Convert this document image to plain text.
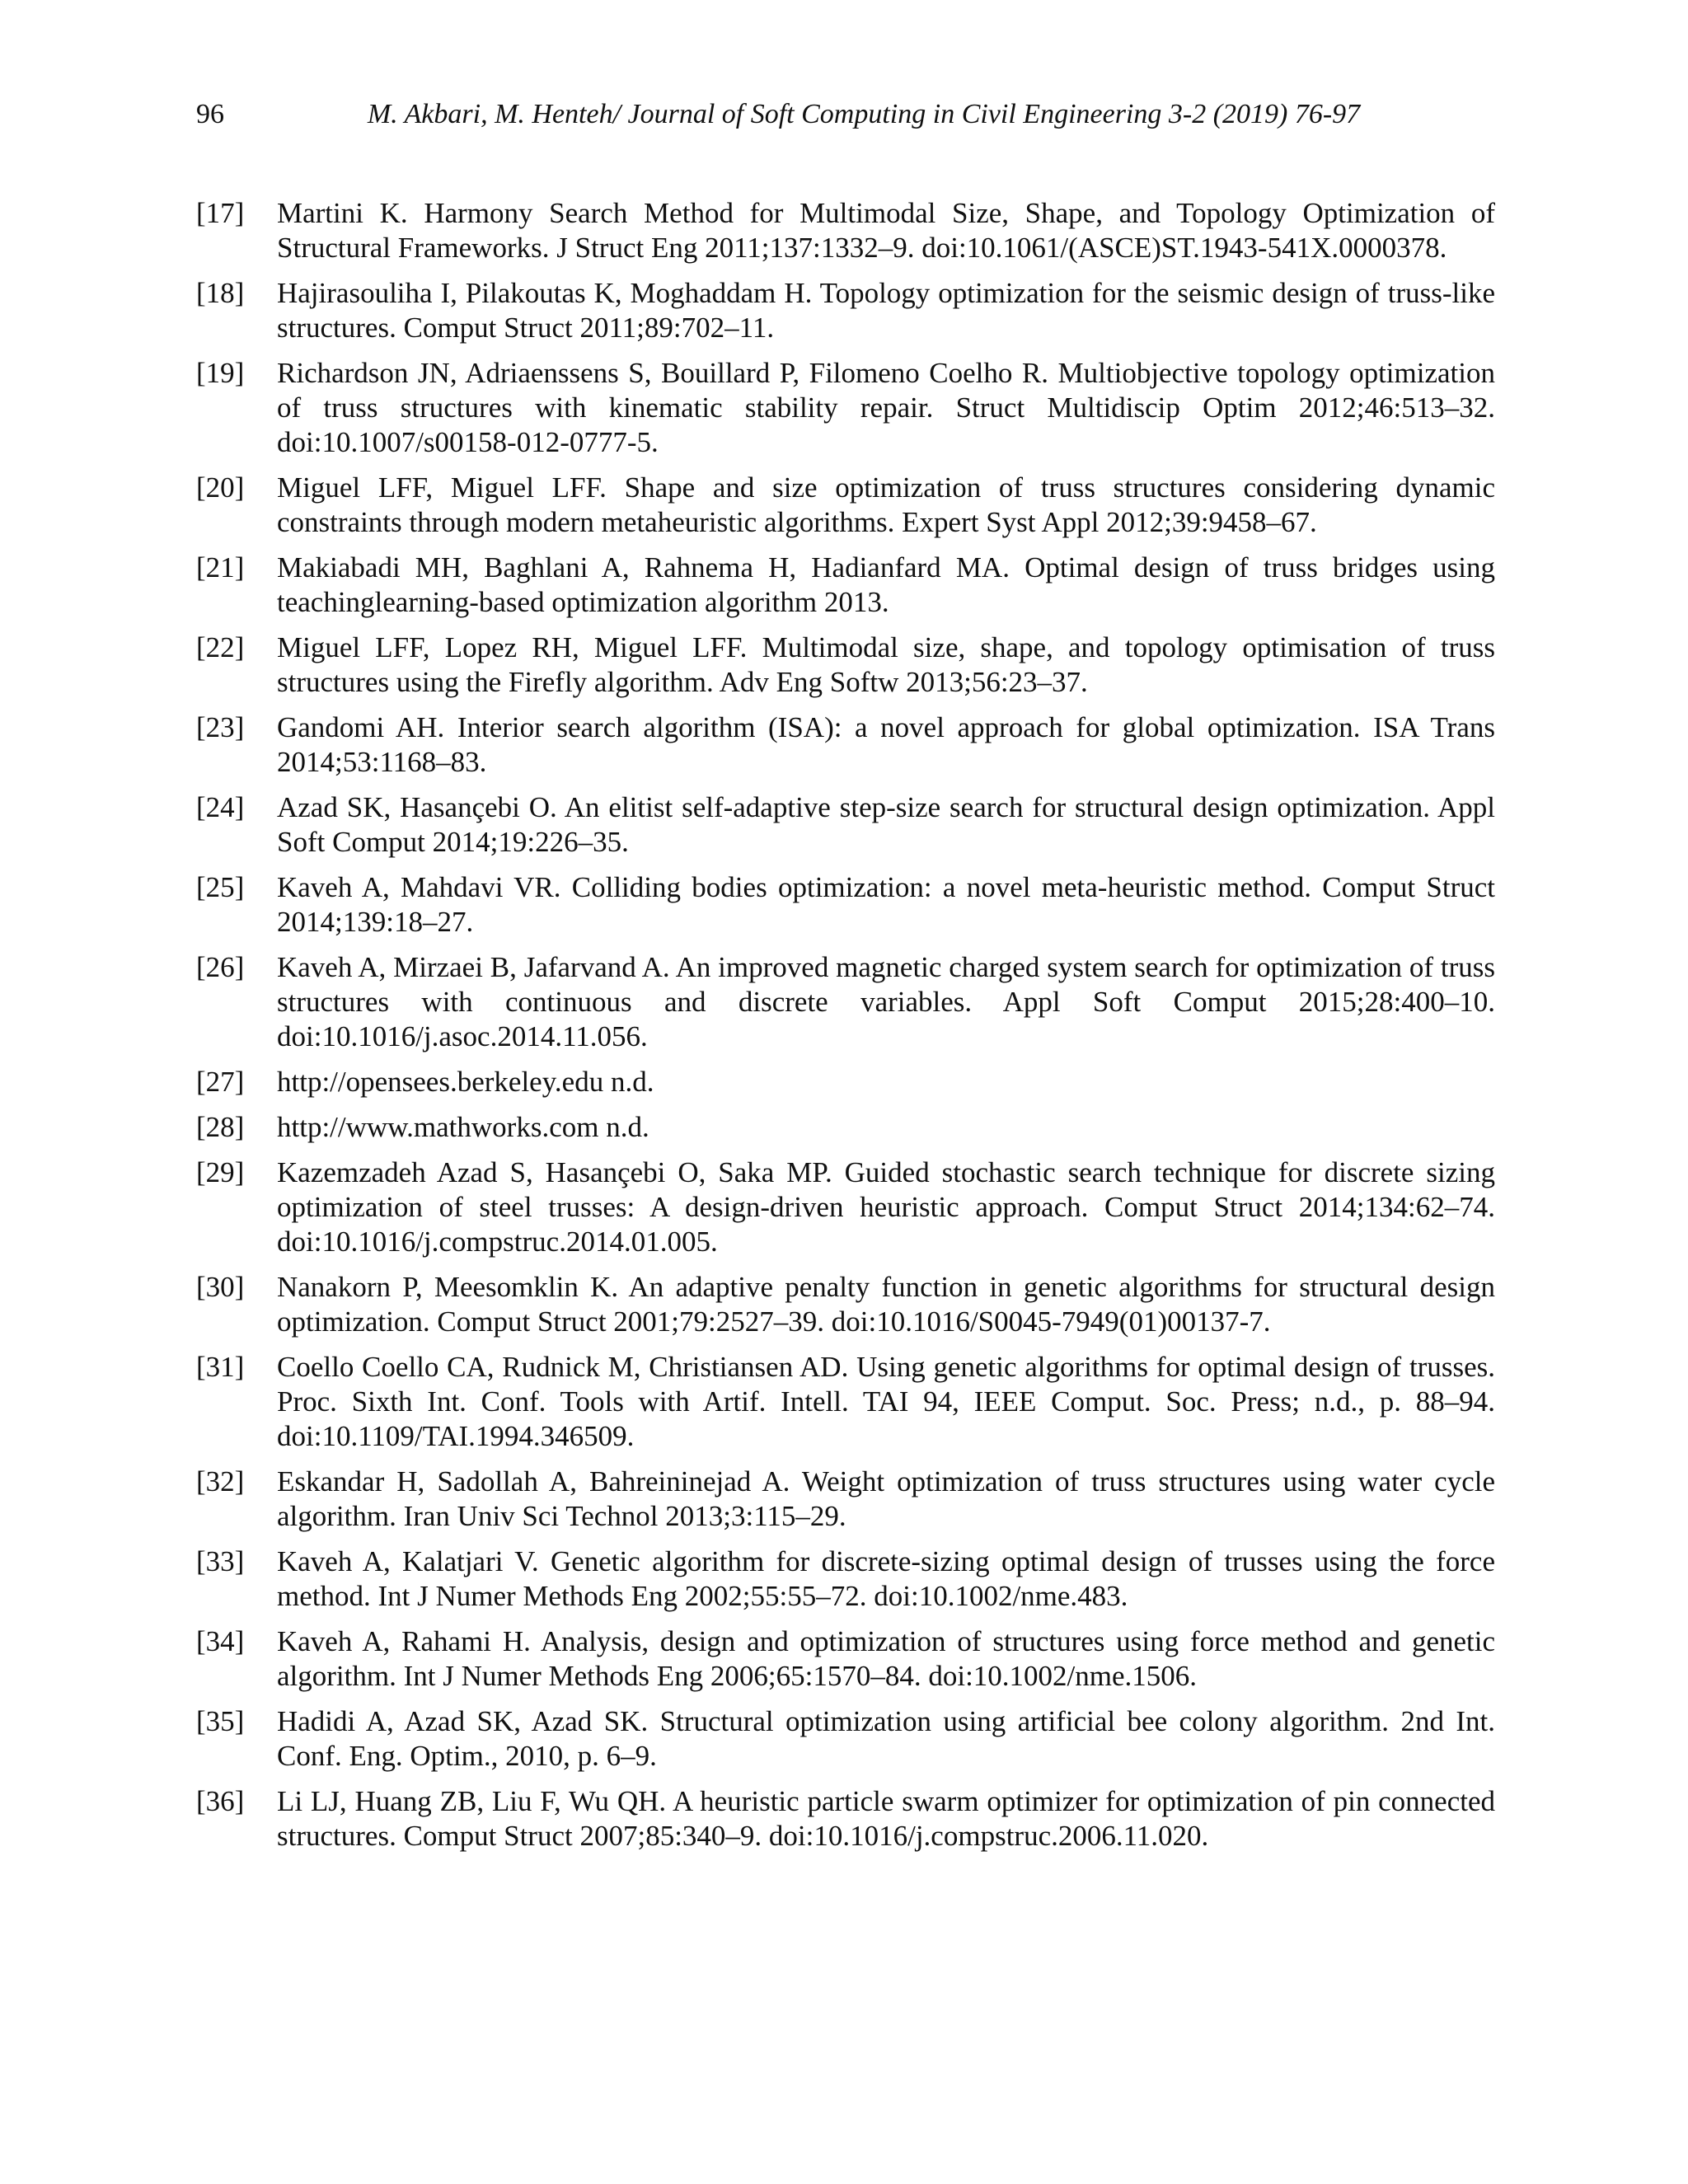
96	M. Akbari, M. Henteh/ Journal of Soft Computing in Civil Engineering 3-2 (2019) 76-97
[17]	Martini K. Harmony Search Method for Multimodal Size, Shape, and Topology Optimization of Structural Frameworks. J Struct Eng 2011;137:1332–9. doi:10.1061/(ASCE)ST.1943-541X.0000378.
[18]	Hajirasouliha I, Pilakoutas K, Moghaddam H. Topology optimization for the seismic design of truss-like structures. Comput Struct 2011;89:702–11.
[19]	Richardson JN, Adriaenssens S, Bouillard P, Filomeno Coelho R. Multiobjective topology optimization of truss structures with kinematic stability repair. Struct Multidiscip Optim 2012;46:513–32. doi:10.1007/s00158-012-0777-5.
[20]	Miguel LFF, Miguel LFF. Shape and size optimization of truss structures considering dynamic constraints through modern metaheuristic algorithms. Expert Syst Appl 2012;39:9458–67.
[21]	Makiabadi MH, Baghlani A, Rahnema H, Hadianfard MA. Optimal design of truss bridges using teachinglearning-based optimization algorithm 2013.
[22]	Miguel LFF, Lopez RH, Miguel LFF. Multimodal size, shape, and topology optimisation of truss structures using the Firefly algorithm. Adv Eng Softw 2013;56:23–37.
[23]	Gandomi AH. Interior search algorithm (ISA): a novel approach for global optimization. ISA Trans 2014;53:1168–83.
[24]	Azad SK, Hasançebi O. An elitist self-adaptive step-size search for structural design optimization. Appl Soft Comput 2014;19:226–35.
[25]	Kaveh A, Mahdavi VR. Colliding bodies optimization: a novel meta-heuristic method. Comput Struct 2014;139:18–27.
[26]	Kaveh A, Mirzaei B, Jafarvand A. An improved magnetic charged system search for optimization of truss structures with continuous and discrete variables. Appl Soft Comput 2015;28:400–10. doi:10.1016/j.asoc.2014.11.056.
[27]	http://opensees.berkeley.edu n.d.
[28]	http://www.mathworks.com n.d.
[29]	Kazemzadeh Azad S, Hasançebi O, Saka MP. Guided stochastic search technique for discrete sizing optimization of steel trusses: A design-driven heuristic approach. Comput Struct 2014;134:62–74. doi:10.1016/j.compstruc.2014.01.005.
[30]	Nanakorn P, Meesomklin K. An adaptive penalty function in genetic algorithms for structural design optimization. Comput Struct 2001;79:2527–39. doi:10.1016/S0045-7949(01)00137-7.
[31]	Coello Coello CA, Rudnick M, Christiansen AD. Using genetic algorithms for optimal design of trusses. Proc. Sixth Int. Conf. Tools with Artif. Intell. TAI 94, IEEE Comput. Soc. Press; n.d., p. 88–94. doi:10.1109/TAI.1994.346509.
[32]	Eskandar H, Sadollah A, Bahreininejad A. Weight optimization of truss structures using water cycle algorithm. Iran Univ Sci Technol 2013;3:115–29.
[33]	Kaveh A, Kalatjari V. Genetic algorithm for discrete-sizing optimal design of trusses using the force method. Int J Numer Methods Eng 2002;55:55–72. doi:10.1002/nme.483.
[34]	Kaveh A, Rahami H. Analysis, design and optimization of structures using force method and genetic algorithm. Int J Numer Methods Eng 2006;65:1570–84. doi:10.1002/nme.1506.
[35]	Hadidi A, Azad SK, Azad SK. Structural optimization using artificial bee colony algorithm. 2nd Int. Conf. Eng. Optim., 2010, p. 6–9.
[36]	Li LJ, Huang ZB, Liu F, Wu QH. A heuristic particle swarm optimizer for optimization of pin connected structures. Comput Struct 2007;85:340–9. doi:10.1016/j.compstruc.2006.11.020.
